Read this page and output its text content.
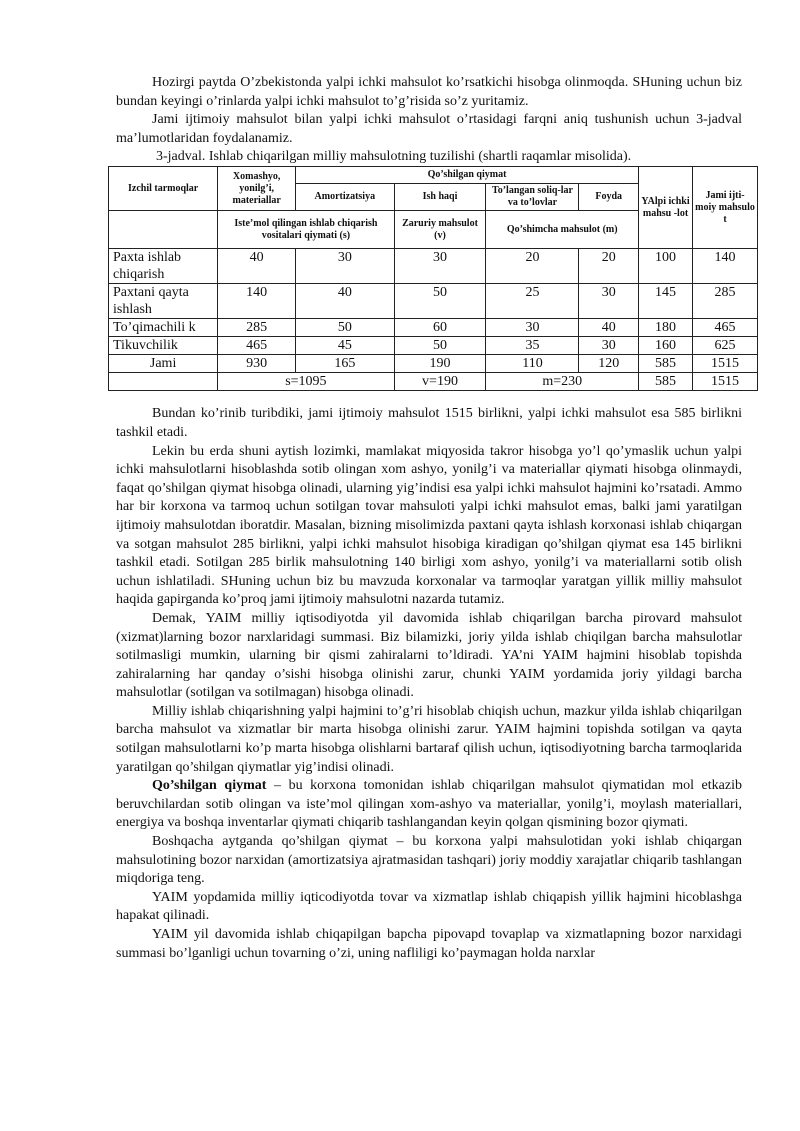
Hozirgi paytda O’zbekistonda yalpi ichki mahsulot ko’rsatkichi hisobga olinmoqda. SHuning uchun biz bundan keyingi o’rinlarda yalpi ichki mahsulot to’g’risida so’z yuritamiz.

Jami ijtimoiy mahsulot bilan yalpi ichki mahsulot o’rtasidagi farqni aniq tushunish uchun 3-jadval ma’lumotlaridan foydalanamiz.

3-jadval. Ishlab chiqarilgan milliy mahsulotning tuzilishi (shartli raqamlar misolida).
Izchil tarmoqlar	Xomashyo, yonilg’i, materiallar	Qo’shilgan qiymat				YAlpi ichki mahsu -lot	Jami ijti-moiy mahsulo t
		Amortizatsiya	Ish haqi	To’langan soliq-lar va to’lovlar	Foyda		
	Iste’mol qilingan ishlab chiqarish vositalari qiymati (s)		Zaruriy mahsulot (v)	Qo’shimcha mahsulot (m)			
Paxta ishlab chiqarish	40	30	30	20	20	100	140
Paxtani qayta ishlash	140	40	50	25	30	145	285
To’qimachili k	285	50	60	30	40	180	465
Tikuvchilik	465	45	50	35	30	160	625
Jami	930	165	190	110	120	585	1515
	s=1095		v=190	m=230		585	1515

Bundan ko’rinib turibdiki, jami ijtimoiy mahsulot 1515 birlikni, yalpi ichki mahsulot esa 585 birlikni tashkil etadi.

Lekin bu erda shuni aytish lozimki, mamlakat miqyosida takror hisobga yo’l qo’ymaslik uchun yalpi ichki mahsulotlarni hisoblashda sotib olingan xom ashyo, yonilg’i va materiallar qiymati hisobga olinmaydi, faqat qo’shilgan qiymat hisobga olinadi, ularning yig’indisi esa yalpi ichki mahsulot hajmini ko’rsatadi. Ammo har bir korxona va tarmoq uchun sotilgan tovar mahsuloti yalpi ichki mahsulot emas, balki jami yaratilgan ijtimoiy mahsulotdan iboratdir. Masalan, bizning misolimizda paxtani qayta ishlash korxonasi ishlab chiqargan va sotgan mahsulot 285 birlikni, yalpi ichki mahsulot hisobiga kiradigan qo’shilgan qiymat esa 145 birlikni tashkil etadi. Sotilgan 285 birlik mahsulotning 140 birligi xom ashyo, yonilg’i va materiallarni sotib olish uchun ishlatiladi. SHuning uchun biz bu mavzuda korxonalar va tarmoqlar yaratgan yillik milliy mahsulot haqida gapirganda ko’proq jami ijtimoiy mahsulotni nazarda tutamiz.

Demak, YAIM milliy iqtisodiyotda yil davomida ishlab chiqarilgan barcha pirovard mahsulot (xizmat)larning bozor narxlaridagi summasi. Biz bilamizki, joriy yilda ishlab chiqilgan barcha mahsulotlar sotilmasligi mumkin, ularning bir qismi zahiralarni to’ldiradi. YA’ni YAIM hajmini hisoblab topishda zahiralarning har qanday o’sishi hisobga olinishi zarur, chunki YAIM yordamida joriy yildagi barcha mahsulotlar (sotilgan va sotilmagan) hisobga olinadi.

Milliy ishlab chiqarishning yalpi hajmini to’g’ri hisoblab chiqish uchun, mazkur yilda ishlab chiqarilgan barcha mahsulot va xizmatlar bir marta hisobga olinishi zarur. YAIM hajmini topishda sotilgan va qayta sotilgan mahsulotlarni ko’p marta hisobga olishlarni bartaraf qilish uchun, iqtisodiyotning barcha tarmoqlarida yaratilgan qo’shilgan qiymatlar yig’indisi olinadi.

Qo’shilgan qiymat – bu korxona tomonidan ishlab chiqarilgan mahsulot qiymatidan mol etkazib beruvchilardan sotib olingan va iste’mol qilingan xom-ashyo va materiallar, yonilg’i, moylash materiallari, energiya va boshqa inventarlar qiymati chiqarib tashlangandan keyin qolgan qismining bozor qiymati.

Boshqacha aytganda qo’shilgan qiymat – bu korxona yalpi mahsulotidan yoki ishlab chiqargan mahsulotining bozor narxidan (amortizatsiya ajratmasidan tashqari) joriy moddiy xarajatlar chiqarib tashlangan miqdoriga teng.

YAIM yopdamida milliy iqticodiyotda tovar va xizmatlap ishlab chiqapish yillik hajmini hicoblashga hapakat qilinadi.

YAIM yil davomida ishlab chiqapilgan bapcha pipovapd tovaplap va xizmatlapning bozor narxidagi summasi bo’lganligi uchun tovarning o’zi, uning nafliligi ko’paymagan holda narxlar
